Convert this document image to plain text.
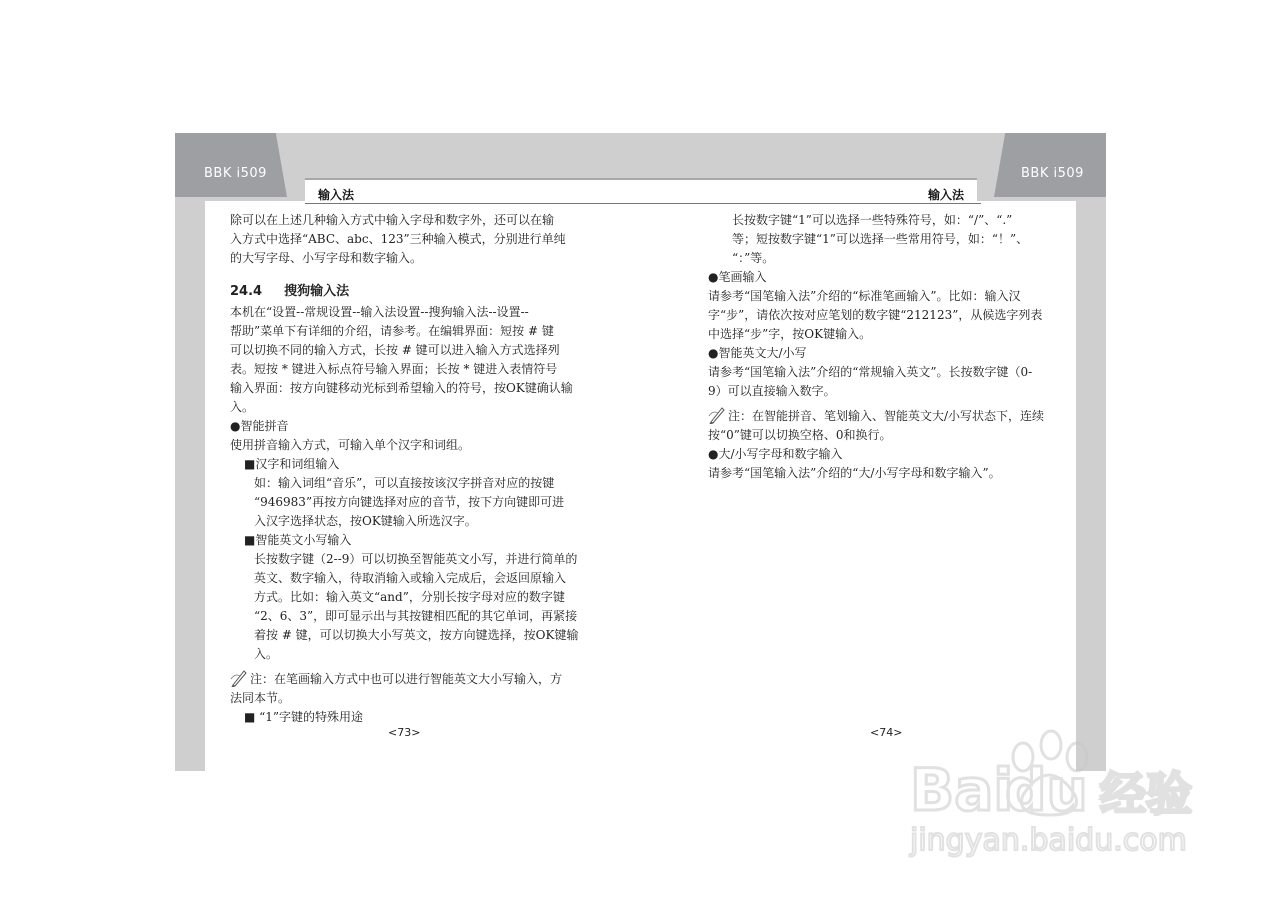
BBK i509	BBK i509
输入法	输入法

除可以在上述几种输入方式中输入字母和数字外，还可以在输

入方式中选择“ABC、abc、123”三种输入模式，分别进行单纯

的大写字母、小写字母和数字输入。

24.4 搜狗输入法

本机在“设置--常规设置--输入法设置--搜狗输入法--设置--

帮助”菜单下有详细的介绍，请参考。在编辑界面：短按 # 键

可以切换不同的输入方式，长按 # 键可以进入输入方式选择列

表。短按 * 键进入标点符号输入界面；长按 * 键进入表情符号

输入界面：按方向键移动光标到希望输入的符号，按OK键确认输

入。

●智能拼音

使用拼音输入方式，可输入单个汉字和词组。

■汉字和词组输入

如：输入词组“音乐”，可以直接按该汉字拼音对应的按键

“946983”再按方向键选择对应的音节，按下方向键即可进

入汉字选择状态，按OK键输入所选汉字。

■智能英文小写输入

长按数字键（2--9）可以切换至智能英文小写，并进行简单的

英文、数字输入，待取消输入或输入完成后，会返回原输入

方式。比如：输入英文“and”，分别长按字母对应的数字键

“2、6、3”，即可显示出与其按键相匹配的其它单词，再紧接

着按 # 键，可以切换大小写英文，按方向键选择，按OK键输入。

注：在笔画输入方式中也可以进行智能英文大小写输入，方

法同本节。

■ “1”字键的特殊用途

<73>

长按数字键“1”可以选择一些特殊符号，如：“/”、“.”

等；短按数字键“1”可以选择一些常用符号，如：“！”、

“：”等。

●笔画输入

请参考“国笔输入法”介绍的“标准笔画输入”。比如：输入汉

字“步”，请依次按对应笔划的数字键“212123”，从候选字列表

中选择“步”字，按OK键输入。

●智能英文大/小写

请参考“国笔输入法”介绍的“常规输入英文”。长按数字键（0-

9）可以直接输入数字。

注：在智能拼音、笔划输入、智能英文大/小写状态下，连续

按“0”键可以切换空格、0和换行。

●大/小写字母和数字输入

请参考“国笔输入法”介绍的“大/小写字母和数字输入”。

<74>
Bai
du 经验
jingyan.baidu.com
